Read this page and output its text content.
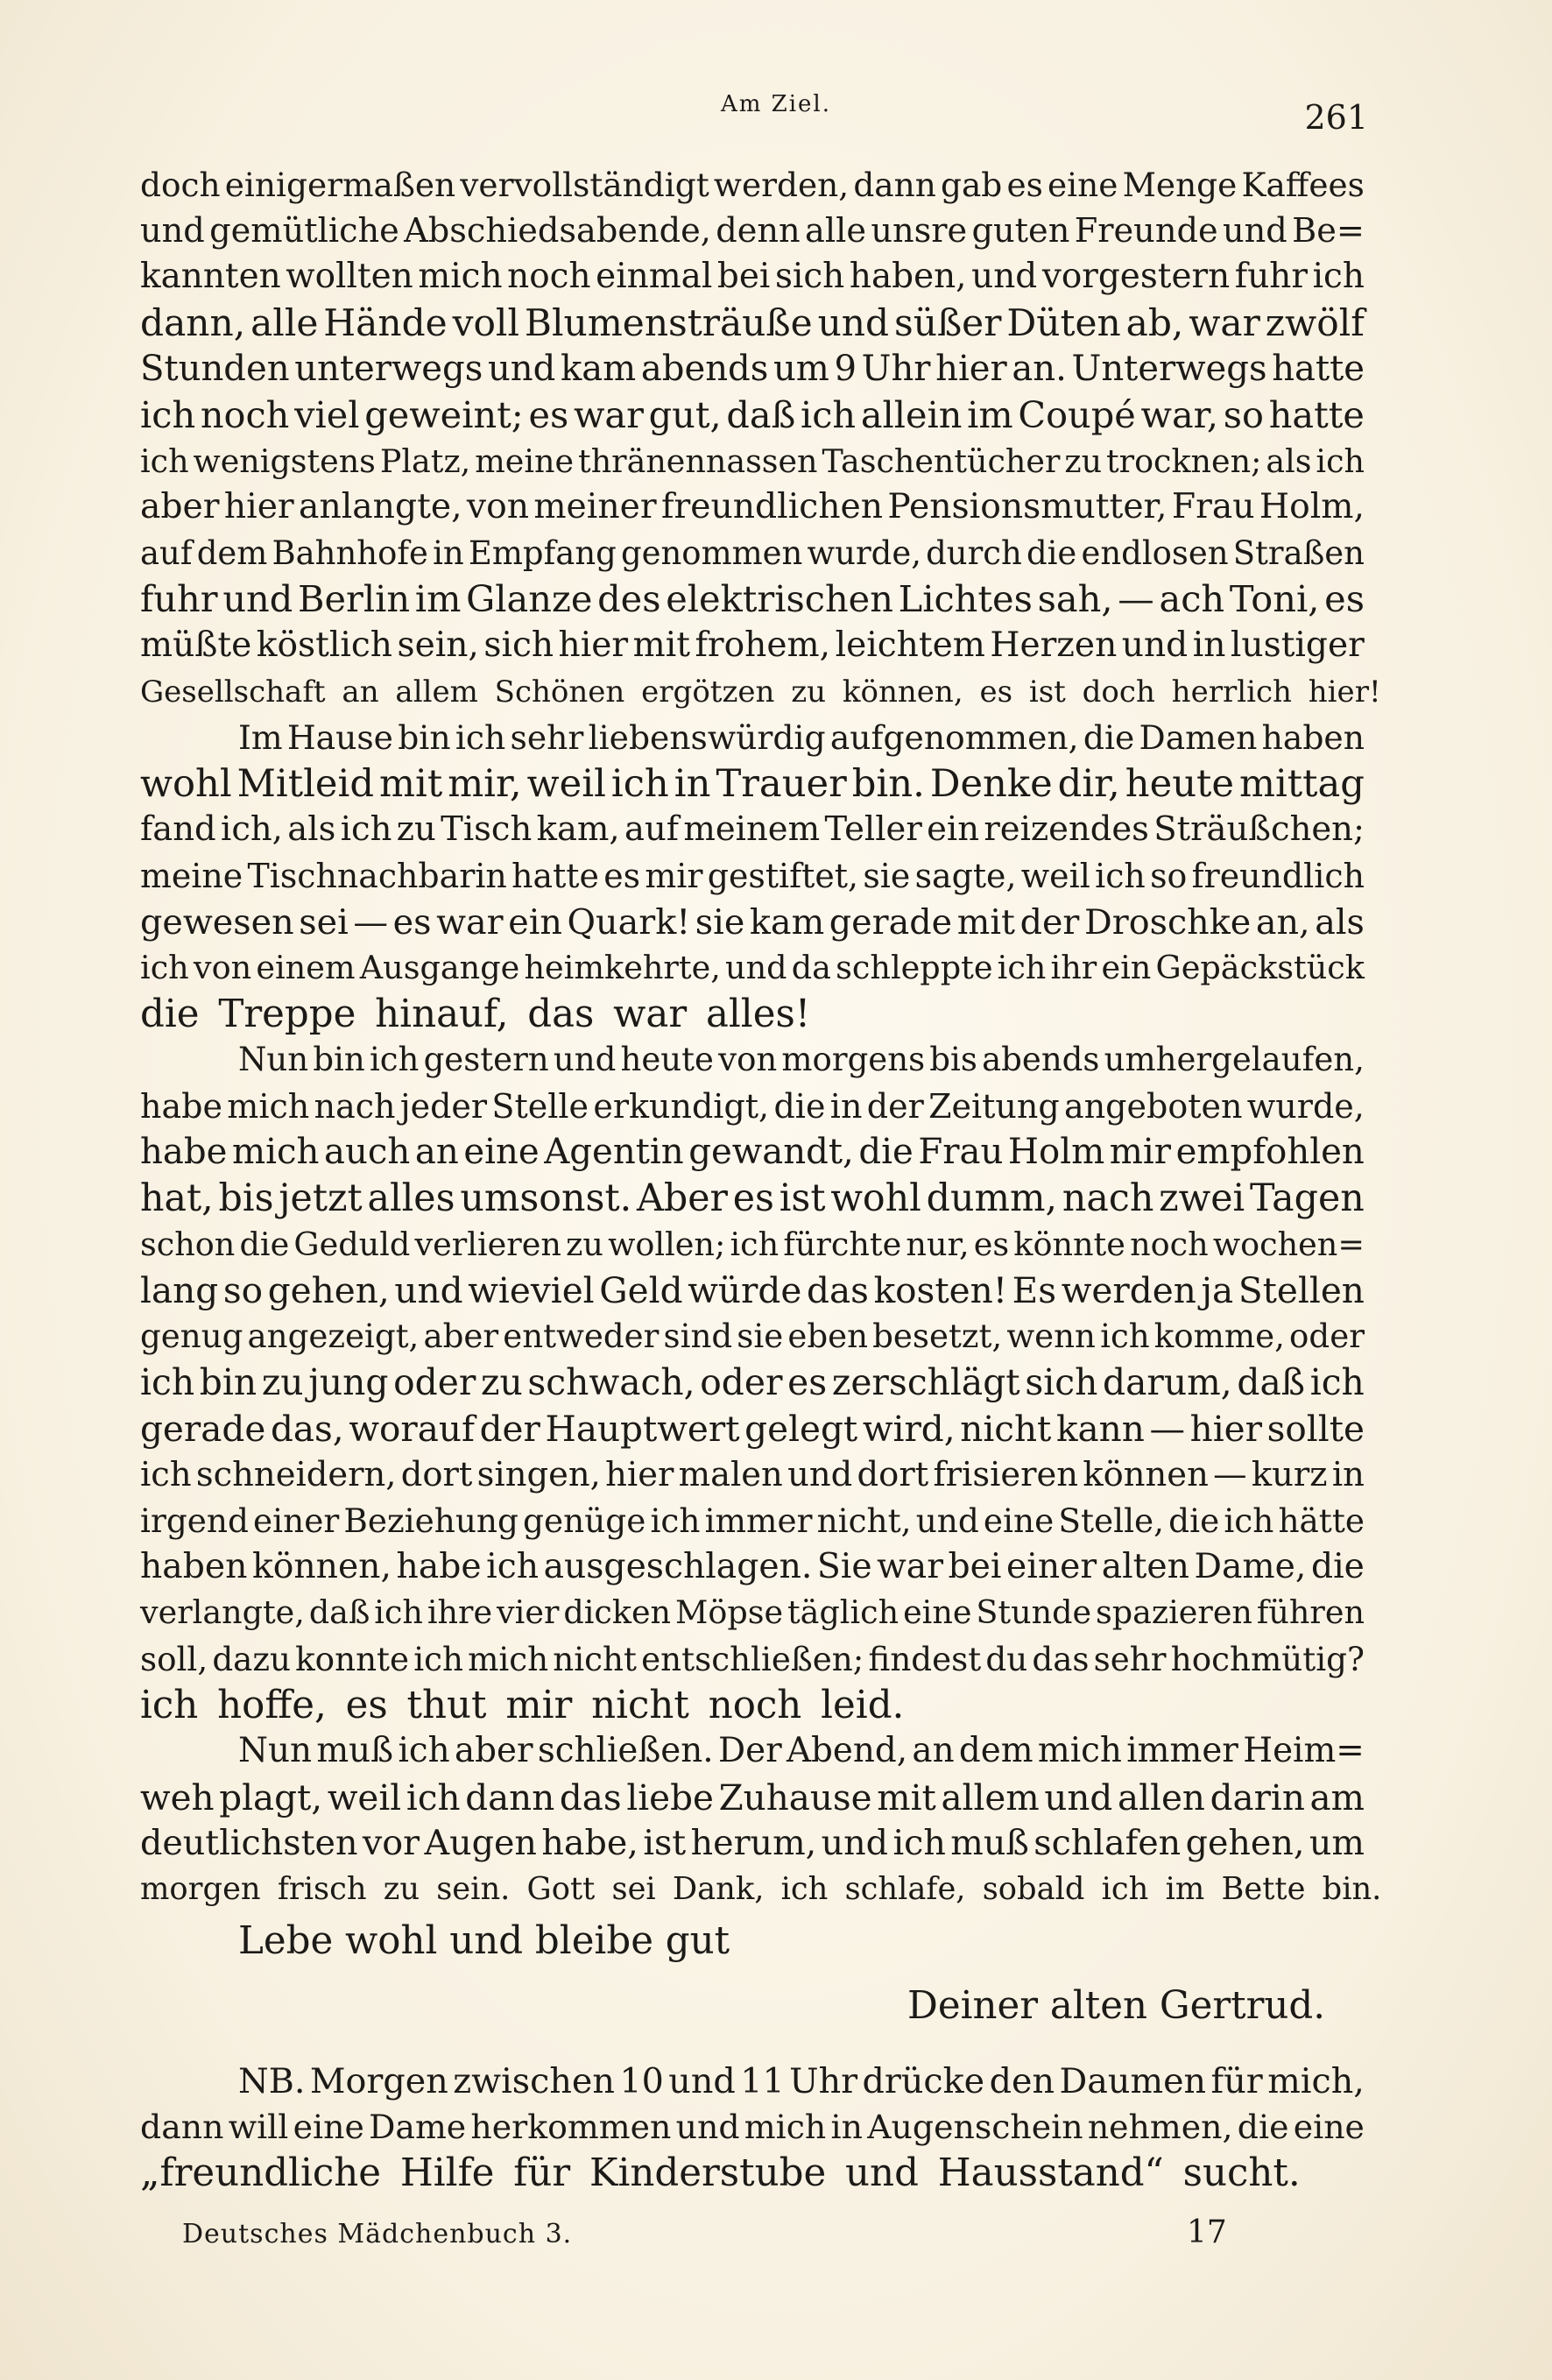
Am Ziel.	261
doch einigermaßen vervollständigt werden, dann gab es eine Menge Kaffees
und gemütliche Abschiedsabende, denn alle unsre guten Freunde und Be=
kannten wollten mich noch einmal bei sich haben, und vorgestern fuhr ich
dann, alle Hände voll Blumensträuße und süßer Düten ab, war zwölf
Stunden unterwegs und kam abends um 9 Uhr hier an. Unterwegs hatte
ich noch viel geweint; es war gut, daß ich allein im Coupé war, so hatte
ich wenigstens Platz, meine thränennassen Taschentücher zu trocknen; als ich
aber hier anlangte, von meiner freundlichen Pensionsmutter, Frau Holm,
auf dem Bahnhofe in Empfang genommen wurde, durch die endlosen Straßen
fuhr und Berlin im Glanze des elektrischen Lichtes sah, — ach Toni, es
müßte köstlich sein, sich hier mit frohem, leichtem Herzen und in lustiger
Gesellschaft an allem Schönen ergötzen zu können, es ist doch herrlich hier!
Im Hause bin ich sehr liebenswürdig aufgenommen, die Damen haben
wohl Mitleid mit mir, weil ich in Trauer bin. Denke dir, heute mittag
fand ich, als ich zu Tisch kam, auf meinem Teller ein reizendes Sträußchen;
meine Tischnachbarin hatte es mir gestiftet, sie sagte, weil ich so freundlich
gewesen sei — es war ein Quark! sie kam gerade mit der Droschke an, als
ich von einem Ausgange heimkehrte, und da schleppte ich ihr ein Gepäckstück
die Treppe hinauf, das war alles!
Nun bin ich gestern und heute von morgens bis abends umhergelaufen,
habe mich nach jeder Stelle erkundigt, die in der Zeitung angeboten wurde,
habe mich auch an eine Agentin gewandt, die Frau Holm mir empfohlen
hat, bis jetzt alles umsonst. Aber es ist wohl dumm, nach zwei Tagen
schon die Geduld verlieren zu wollen; ich fürchte nur, es könnte noch wochen=
lang so gehen, und wieviel Geld würde das kosten! Es werden ja Stellen
genug angezeigt, aber entweder sind sie eben besetzt, wenn ich komme, oder
ich bin zu jung oder zu schwach, oder es zerschlägt sich darum, daß ich
gerade das, worauf der Hauptwert gelegt wird, nicht kann — hier sollte
ich schneidern, dort singen, hier malen und dort frisieren können — kurz in
irgend einer Beziehung genüge ich immer nicht, und eine Stelle, die ich hätte
haben können, habe ich ausgeschlagen. Sie war bei einer alten Dame, die
verlangte, daß ich ihre vier dicken Möpse täglich eine Stunde spazieren führen
soll, dazu konnte ich mich nicht entschließen; findest du das sehr hochmütig?
ich hoffe, es thut mir nicht noch leid.
Nun muß ich aber schließen. Der Abend, an dem mich immer Heim=
weh plagt, weil ich dann das liebe Zuhause mit allem und allen darin am
deutlichsten vor Augen habe, ist herum, und ich muß schlafen gehen, um
morgen frisch zu sein. Gott sei Dank, ich schlafe, sobald ich im Bette bin.
Lebe wohl und bleibe gut
Deiner alten Gertrud.
NB. Morgen zwischen 10 und 11 Uhr drücke den Daumen für mich,
dann will eine Dame herkommen und mich in Augenschein nehmen, die eine
„freundliche Hilfe für Kinderstube und Hausstand“ sucht.
Deutsches Mädchenbuch 3.	17
